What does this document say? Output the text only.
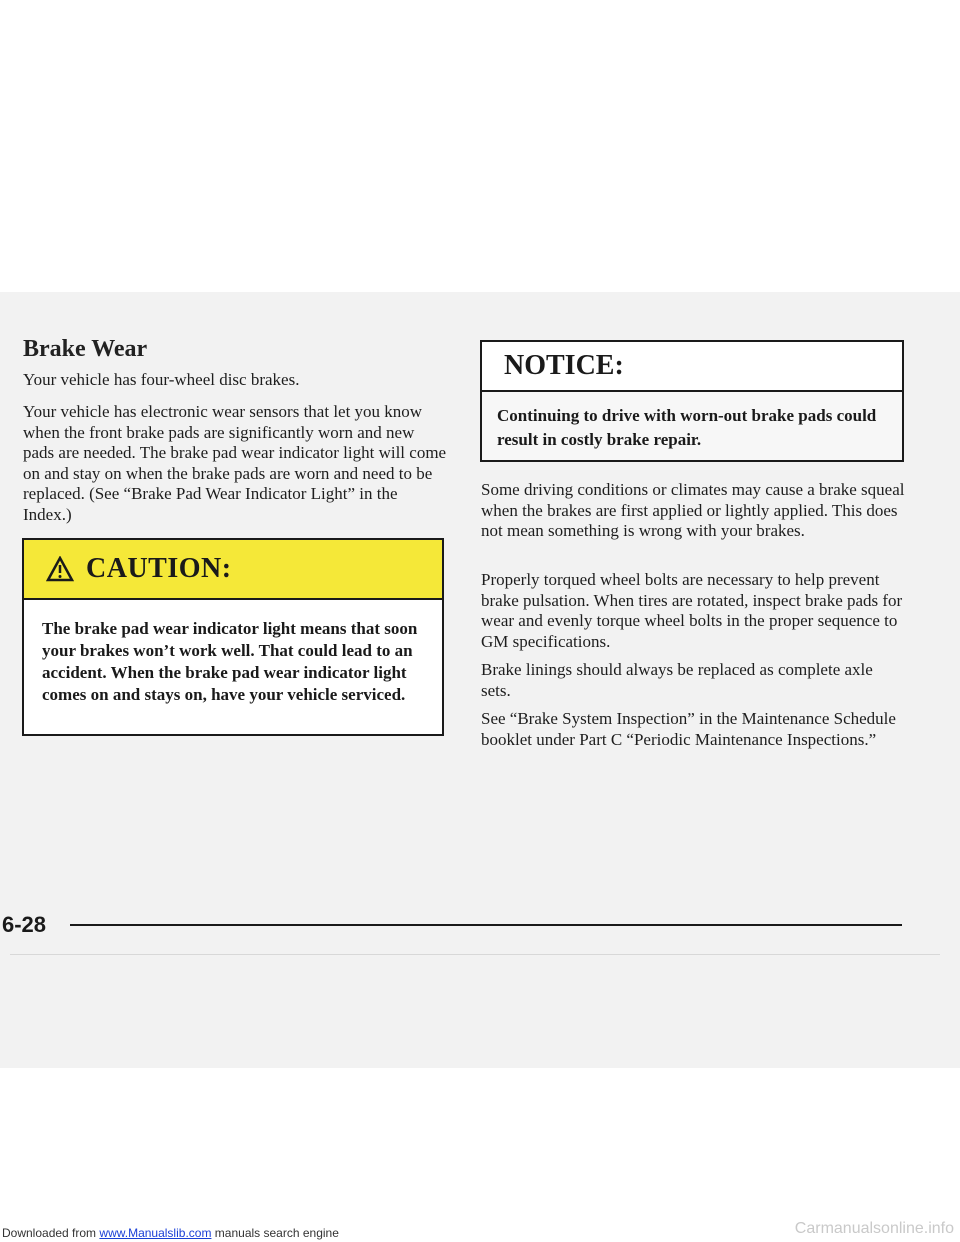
Brake Wear

Your vehicle has four-wheel disc brakes.

Your vehicle has electronic wear sensors that let you know when the front brake pads are significantly worn and new pads are needed. The brake pad wear indicator light will come on and stay on when the brake pads are worn and need to be replaced. (See “Brake Pad Wear Indicator Light” in the Index.)

CAUTION:

The brake pad wear indicator light means that soon your brakes won’t work well. That could lead to an accident. When the brake pad wear indicator light comes on and stays on, have your vehicle serviced.

NOTICE:

Continuing to drive with worn-out brake pads could result in costly brake repair.

Some driving conditions or climates may cause a brake squeal when the brakes are first applied or lightly applied. This does not mean something is wrong with your brakes.

Properly torqued wheel bolts are necessary to help prevent brake pulsation. When tires are rotated, inspect brake pads for wear and evenly torque wheel bolts in the proper sequence to GM specifications.

Brake linings should always be replaced as complete axle sets.

See “Brake System Inspection” in the Maintenance Schedule booklet under Part C “Periodic Maintenance Inspections.”

6-28

Downloaded from www.Manualslib.com manuals search engine	Carmanualsonline.info
